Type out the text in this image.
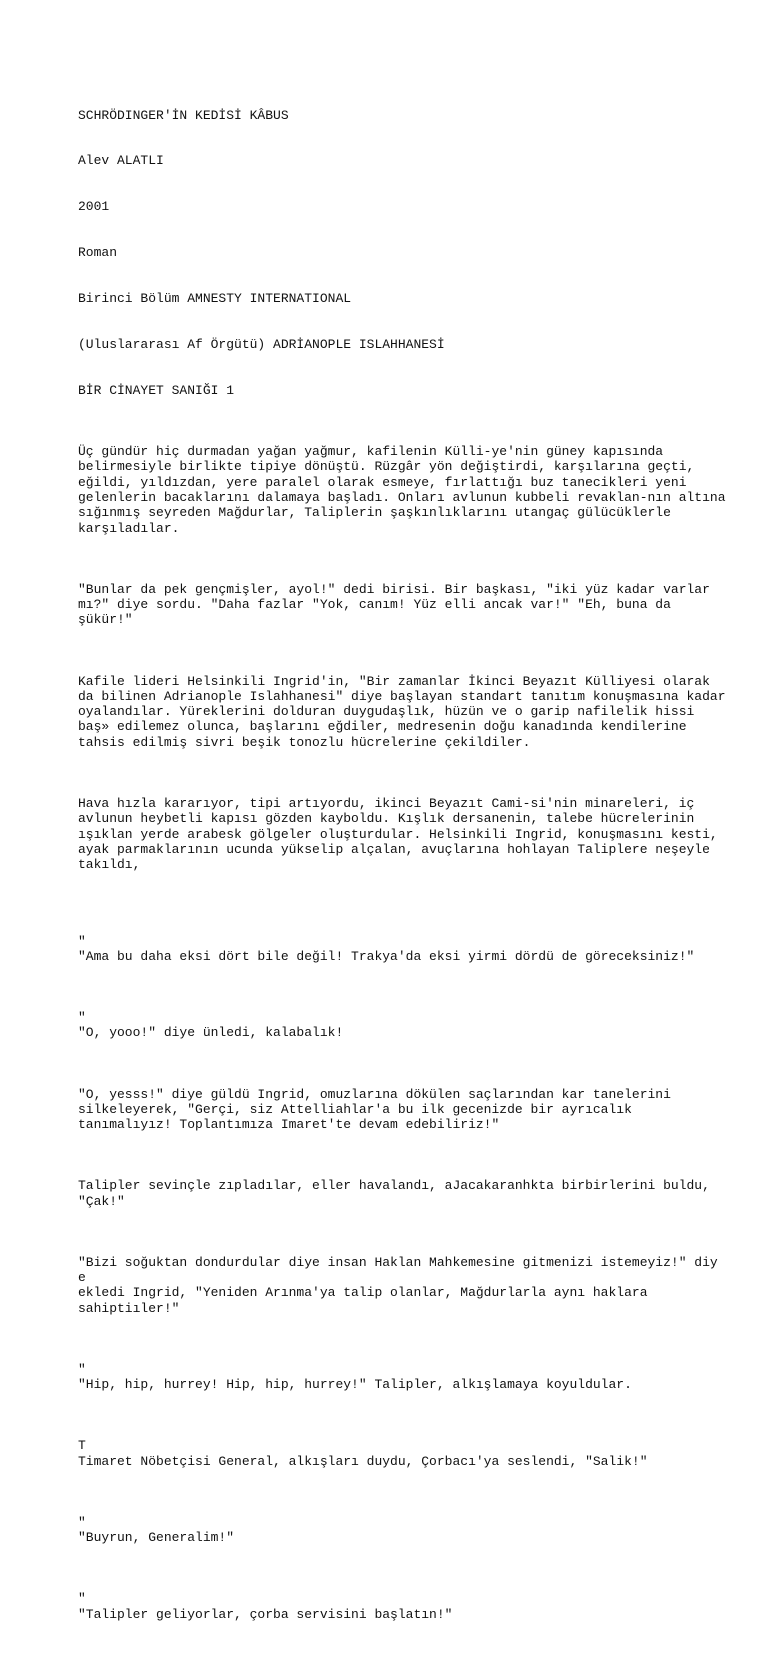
SCHRÖDINGER'İN KEDİSİ KÂBUS

Alev ALATLI

2001

Roman

Birinci Bölüm AMNESTY INTERNATIONAL

(Uluslararası Af Örgütü) ADRİANOPLE ISLAHHANESİ

BİR CİNAYET SANIĞI 1

Üç gündür hiç durmadan yağan yağmur, kafilenin Külli-ye'nin güney kapısında
belirmesiyle birlikte tipiye dönüştü. Rüzgâr yön değiştirdi, karşılarına geçti,
eğildi, yıldızdan, yere paralel olarak esmeye, fırlattığı buz tanecikleri yeni
gelenlerin bacaklarını dalamaya başladı. Onları avlunun kubbeli revaklan-nın altına
sığınmış seyreden Mağdurlar, Taliplerin şaşkınlıklarını utangaç gülücüklerle
karşıladılar.

"Bunlar da pek gençmişler, ayol!" dedi birisi. Bir başkası, "iki yüz kadar varlar
mı?" diye sordu. "Daha fazlar "Yok, canım! Yüz elli ancak var!" "Eh, buna da
şükür!"

Kafile lideri Helsinkili Ingrid'in, "Bir zamanlar İkinci Beyazıt Külliyesi olarak
da bilinen Adrianople Islahhanesi" diye başlayan standart tanıtım konuşmasına kadar
oyalandılar. Yüreklerini dolduran duygudaşlık, hüzün ve o garip nafilelik hissi
baş» edilemez olunca, başlarını eğdiler, medresenin doğu kanadında kendilerine
tahsis edilmiş sivri beşik tonozlu hücrelerine çekildiler.

Hava hızla kararıyor, tipi artıyordu, ikinci Beyazıt Cami-si'nin minareleri, iç
avlunun heybetli kapısı gözden kayboldu. Kışlık dersanenin, talebe hücrelerinin
ışıklan yerde arabesk gölgeler oluşturdular. Helsinkili Ingrid, konuşmasını kesti,
ayak parmaklarının ucunda yükselip alçalan, avuçlarına hohlayan Taliplere neşeyle
takıldı,

"
"Ama bu daha eksi dört bile değil! Trakya'da eksi yirmi dördü de göreceksiniz!"

"
"O, yooo!" diye ünledi, kalabalık!

"O, yesss!" diye güldü Ingrid, omuzlarına dökülen saçlarından kar tanelerini
silkeleyerek, "Gerçi, siz Attelliahlar'a bu ilk gecenizde bir ayrıcalık
tanımalıyız! Toplantımıza Imaret'te devam edebiliriz!"

Talipler sevinçle zıpladılar, eller havalandı, aJacakaranhkta birbirlerini buldu,
"Çak!"

"Bizi soğuktan dondurdular diye insan Haklan Mahkemesine gitmenizi istemeyiz!" diy
e
ekledi Ingrid, "Yeniden Arınma'ya talip olanlar, Mağdurlarla aynı haklara
sahiptiıler!"

"
"Hip, hip, hurrey! Hip, hip, hurrey!" Talipler, alkışlamaya koyuldular.

T
Timaret Nöbetçisi General, alkışları duydu, Çorbacı'ya seslendi, "Salik!"

"
"Buyrun, Generalim!"

"
"Talipler geliyorlar, çorba servisini başlatın!"
